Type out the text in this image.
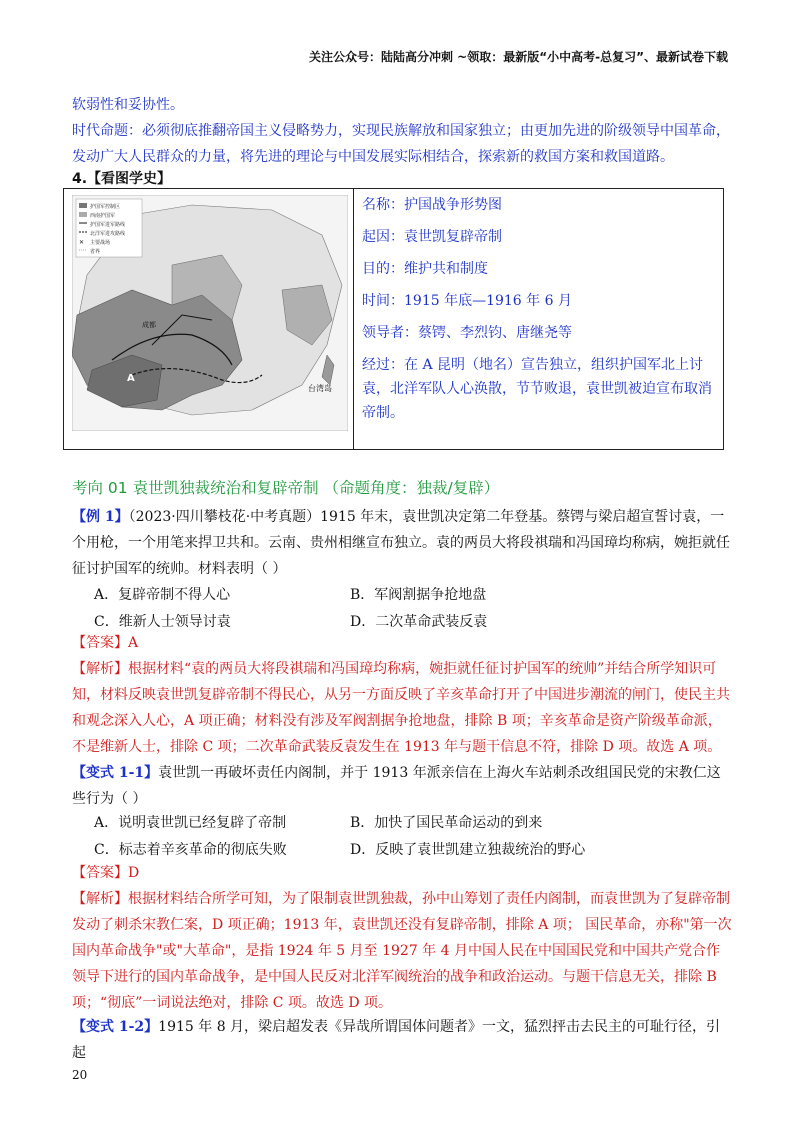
关注公众号：陆陆高分冲刺 ~领取：最新版“小中高考-总复习”、最新试卷下载
软弱性和妥协性。
时代命题：必须彻底推翻帝国主义侵略势力，实现民族解放和国家独立；由更加先进的阶级领导中国革命，发动广大人民群众的力量，将先进的理论与中国发展实际相结合，探索新的救国方案和救国道路。
4.【看图学史】
台湾岛
成都
A
护国军控制区
西南护国军
护国军进军路线
北洋军进攻路线
✕ 主要战场
省界
名称：护国战争形势图
起因：袁世凯复辟帝制
目的：维护共和制度
时间：1915 年底—1916 年 6 月
领导者：蔡锷、李烈钧、唐继尧等
经过：在 A 昆明（地名）宣告独立，组织护国军北上讨袁，北洋军队人心涣散，节节败退，袁世凯被迫宣布取消帝制。
考向 01 袁世凯独裁统治和复辟帝制 （命题角度：独裁/复辟）
【例 1】（2023·四川攀枝花·中考真题）1915 年末，袁世凯决定第二年登基。蔡锷与梁启超宣誓讨袁，一个用枪，一个用笔来捍卫共和。云南、贵州相继宣布独立。袁的两员大将段祺瑞和冯国璋均称病，婉拒就任征讨护国军的统帅。材料表明（ ）
A．复辟帝制不得人心	B．军阀割据争抢地盘
C．维新人士领导讨袁	D．二次革命武装反袁
【答案】A
【解析】根据材料“袁的两员大将段祺瑞和冯国璋均称病，婉拒就任征讨护国军的统帅”并结合所学知识可知，材料反映袁世凯复辟帝制不得民心，从另一方面反映了辛亥革命打开了中国进步潮流的闸门，使民主共和观念深入人心，A 项正确；材料没有涉及军阀割据争抢地盘，排除 B 项；辛亥革命是资产阶级革命派，不是维新人士，排除 C 项；二次革命武装反袁发生在 1913 年与题干信息不符，排除 D 项。故选 A 项。
【变式 1-1】袁世凯一再破坏责任内阁制，并于 1913 年派亲信在上海火车站刺杀改组国民党的宋教仁这些行为（ ）
A．说明袁世凯已经复辟了帝制	B．加快了国民革命运动的到来
C．标志着辛亥革命的彻底失败	D．反映了袁世凯建立独裁统治的野心
【答案】D
【解析】根据材料结合所学可知，为了限制袁世凯独裁，孙中山筹划了责任内阁制，而袁世凯为了复辟帝制发动了刺杀宋教仁案，D 项正确；1913 年，袁世凯还没有复辟帝制，排除 A 项； 国民革命，亦称"第一次国内革命战争"或"大革命"，是指 1924 年 5 月至 1927 年 4 月中国人民在中国国民党和中国共产党合作领导下进行的国内革命战争，是中国人民反对北洋军阀统治的战争和政治运动。与题干信息无关，排除 B 项；“彻底”一词说法绝对，排除 C 项。故选 D 项。
【变式 1-2】1915 年 8 月，梁启超发表《异哉所谓国体问题者》一文，猛烈抨击去民主的可耻行径，引起
20
